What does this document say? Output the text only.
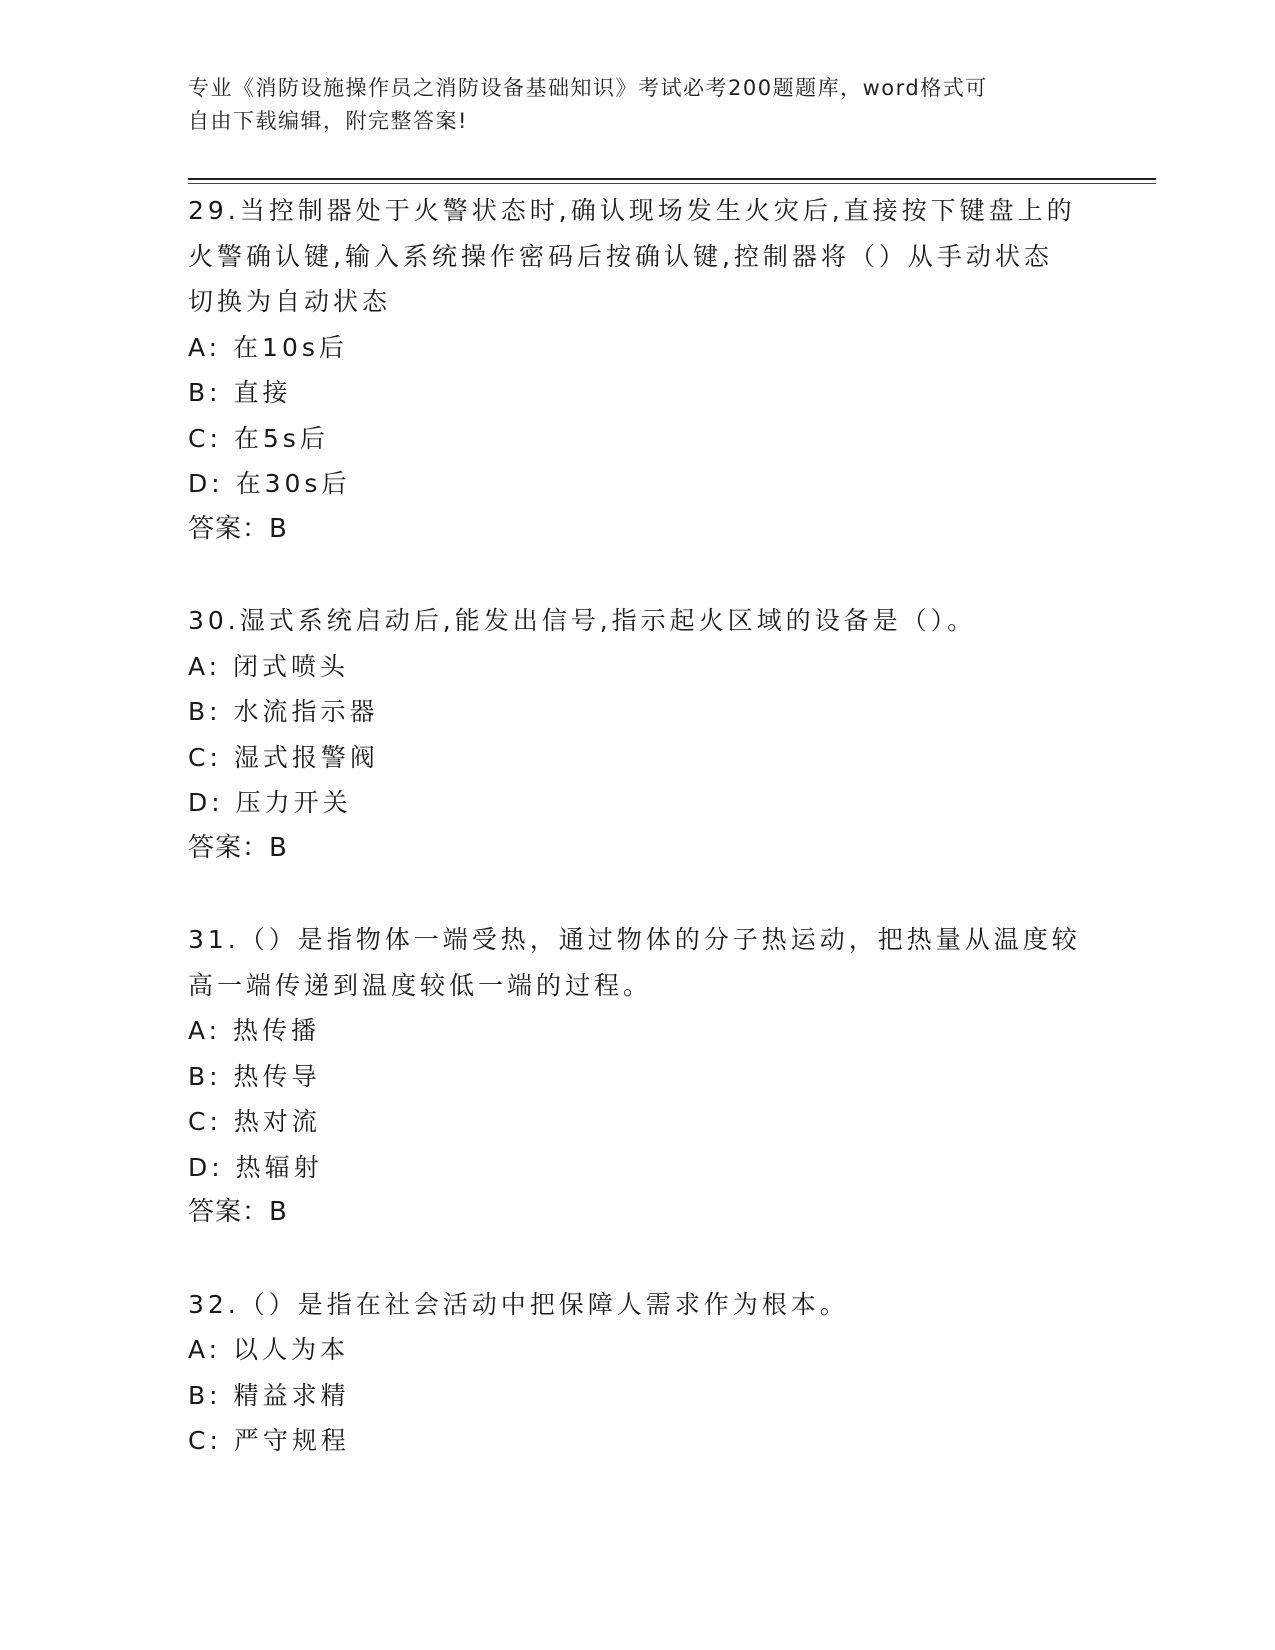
专业《消防设施操作员之消防设备基础知识》考试必考200题题库，word格式可
自由下载编辑，附完整答案!
29.当控制器处于火警状态时,确认现场发生火灾后,直接按下键盘上的
火警确认键,输入系统操作密码后按确认键,控制器将（）从手动状态
切换为自动状态
A: 在10s后
B: 直接
C: 在5s后
D: 在30s后
答案：B
30.湿式系统启动后,能发出信号,指示起火区域的设备是（）。
A: 闭式喷头
B: 水流指示器
C: 湿式报警阀
D: 压力开关
答案：B
31.（）是指物体一端受热，通过物体的分子热运动，把热量从温度较
高一端传递到温度较低一端的过程。
A: 热传播
B: 热传导
C: 热对流
D: 热辐射
答案：B
32.（）是指在社会活动中把保障人需求作为根本。
A: 以人为本
B: 精益求精
C: 严守规程
